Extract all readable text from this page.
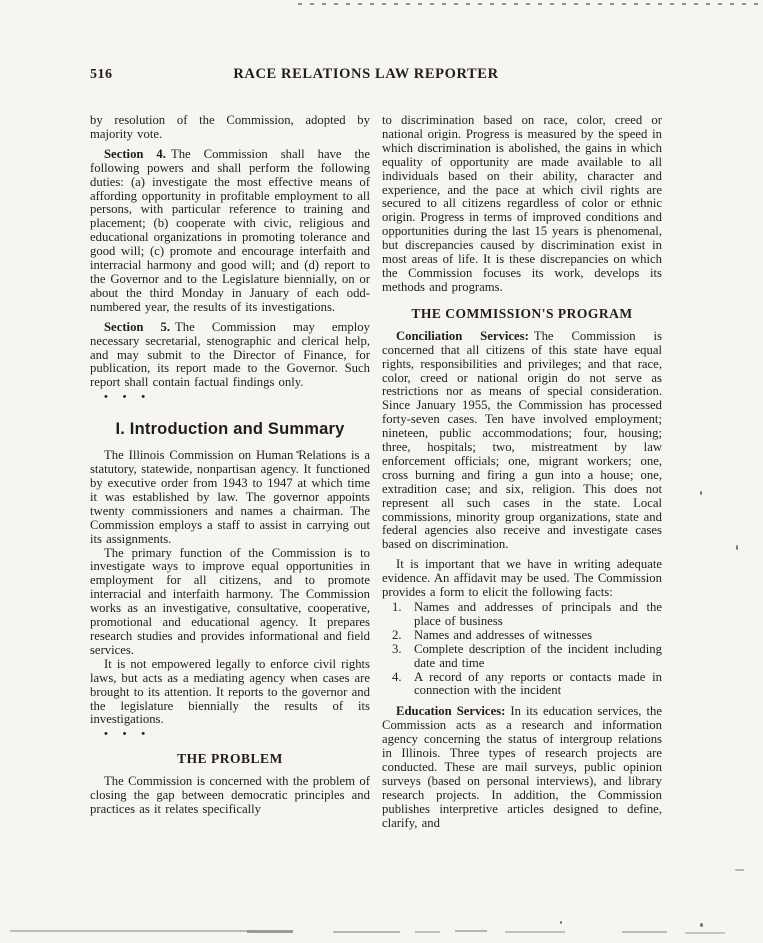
516	RACE RELATIONS LAW REPORTER

by resolution of the Commission, adopted by majority vote.

Section 4. The Commission shall have the following powers and shall perform the following duties: (a) investigate the most effective means of affording opportunity in profitable employment to all persons, with particular reference to training and placement; (b) cooperate with civic, religious and educational organizations in promoting tolerance and good will; (c) promote and encourage interfaith and interracial harmony and good will; and (d) report to the Governor and to the Legislature biennially, on or about the third Monday in January of each odd-numbered year, the results of its investigations.

Section 5. The Commission may employ necessary secretarial, stenographic and clerical help, and may submit to the Director of Finance, for publication, its report made to the Governor. Such report shall contain factual findings only.

• • •
I. Introduction and Summary

The Illinois Commission on Human Relations is a statutory, statewide, nonpartisan agency. It functioned by executive order from 1943 to 1947 at which time it was established by law. The governor appoints twenty commissioners and names a chairman. The Commission employs a staff to assist in carrying out its assignments.

The primary function of the Commission is to investigate ways to improve equal opportunities in employment for all citizens, and to promote interracial and interfaith harmony. The Commission works as an investigative, consultative, cooperative, promotional and educational agency. It prepares research studies and provides informational and field services.

It is not empowered legally to enforce civil rights laws, but acts as a mediating agency when cases are brought to its attention. It reports to the governor and the legislature biennially the results of its investigations.

• • •
THE PROBLEM

The Commission is concerned with the problem of closing the gap between democratic principles and practices as it relates specifically

to discrimination based on race, color, creed or national origin. Progress is measured by the speed in which discrimination is abolished, the gains in which equality of opportunity are made available to all individuals based on their ability, character and experience, and the pace at which civil rights are secured to all citizens regardless of color or ethnic origin. Progress in terms of improved conditions and opportunities during the last 15 years is phenomenal, but discrepancies caused by discrimination exist in most areas of life. It is these discrepancies on which the Commission focuses its work, develops its methods and programs.

THE COMMISSION'S PROGRAM

Conciliation Services: The Commission is concerned that all citizens of this state have equal rights, responsibilities and privileges; and that race, color, creed or national origin do not serve as restrictions nor as means of special consideration. Since January 1955, the Commission has processed forty-seven cases. Ten have involved employment; nineteen, public accommodations; four, housing; three, hospitals; two, mistreatment by law enforcement officials; one, migrant workers; one, cross burning and firing a gun into a house; one, extradition case; and six, religion. This does not represent all such cases in the state. Local commissions, minority group organizations, state and federal agencies also receive and investigate cases based on discrimination.

It is important that we have in writing adequate evidence. An affidavit may be used. The Commission provides a form to elicit the following facts:

1. Names and addresses of principals and the place of business
2. Names and addresses of witnesses
3. Complete description of the incident including date and time
4. A record of any reports or contacts made in connection with the incident

Education Services: In its education services, the Commission acts as a research and information agency concerning the status of intergroup relations in Illinois. Three types of research projects are conducted. These are mail surveys, public opinion surveys (based on personal interviews), and library research projects. In addition, the Commission publishes interpretive articles designed to define, clarify, and
